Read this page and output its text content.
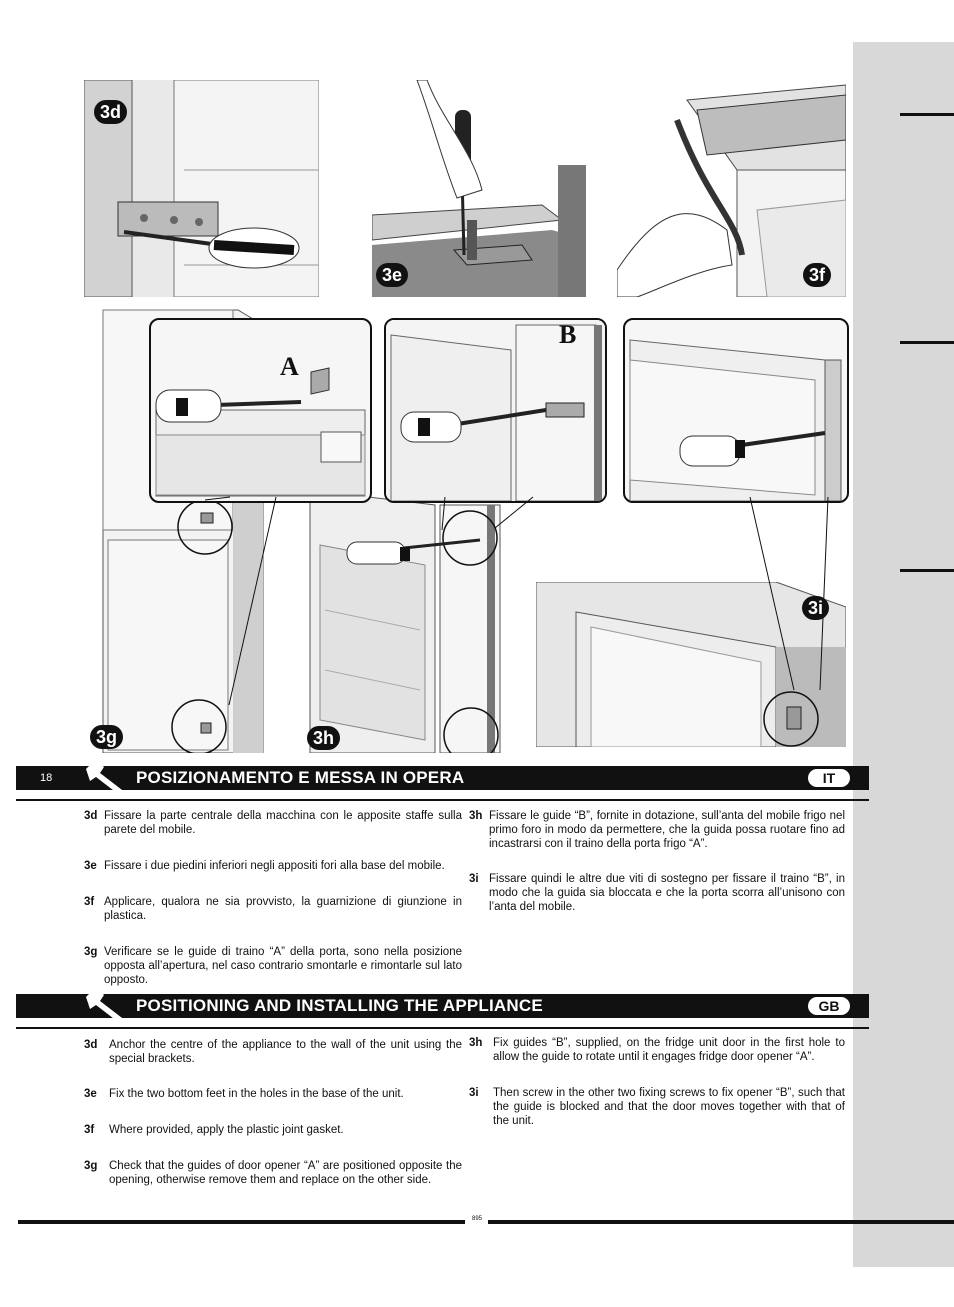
3d
3e	3f
3g	3h
3i
A
B
18	POSIZIONAMENTO E MESSA IN OPERA	IT
3d Fissare la parte centrale della macchina con le apposite staffe sulla parete del mobile.
3e Fissare i due piedini inferiori negli appositi fori alla base del mobile.
3f Applicare, qualora ne sia provvisto, la guarnizione di giunzione in plastica.
3g Verificare se le guide di traino “A” della porta, sono nella posizione opposta all’apertura, nel caso contrario smontarle e rimontarle sul lato opposto.
3h Fissare le guide “B”, fornite in dotazione, sull’anta del mobile frigo nel primo foro in modo da permettere, che la guida possa ruotare fino ad incastrarsi con il traino della porta frigo “A”.
3i Fissare quindi le altre due viti di sostegno per fissare il traino “B”, in modo che la guida sia bloccata e che la porta scorra all’unisono con l’anta del mobile.
POSITIONING AND INSTALLING THE APPLIANCE	GB
3d Anchor the centre of the appliance to the wall of the unit using the special brackets.
3e Fix the two bottom feet in the holes in the base of the unit.
3f Where provided, apply the plastic joint gasket.
3g Check that the guides of door opener “A” are positioned opposite the opening, otherwise remove them and replace on the other side.
3h Fix guides “B”, supplied, on the fridge unit door in the first hole to allow the guide to rotate until it engages fridge door opener “A”.
3i Then screw in the other two fixing screws to fix opener “B”, such that the guide is blocked and that the door moves together with that of the unit.
895
